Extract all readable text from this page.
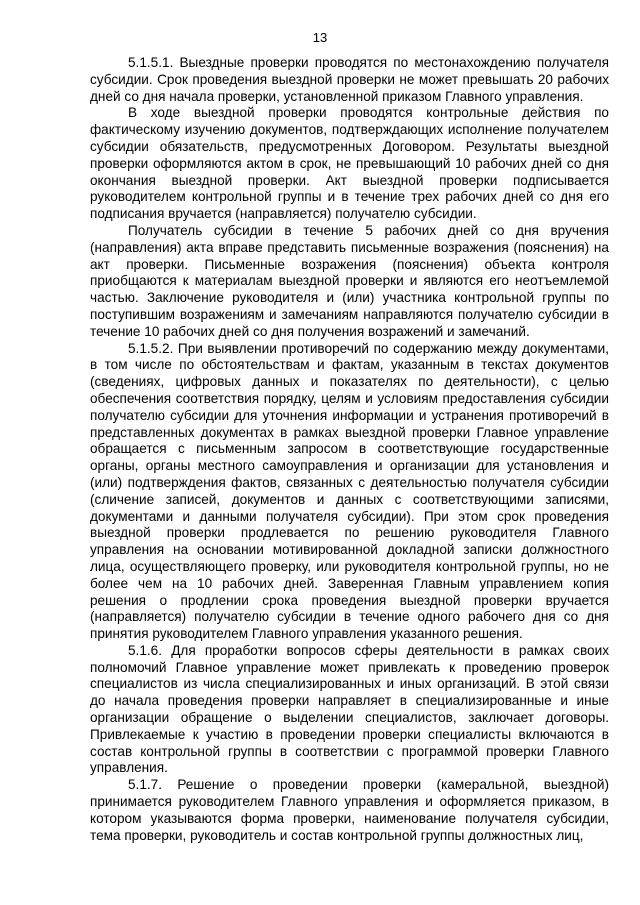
13

5.1.5.1. Выездные проверки проводятся по местонахождению получателя субсидии. Срок проведения выездной проверки не может превышать 20 рабочих дней со дня начала проверки, установленной приказом Главного управления.

В ходе выездной проверки проводятся контрольные действия по фактическому изучению документов, подтверждающих исполнение получателем субсидии обязательств, предусмотренных Договором. Результаты выездной проверки оформляются актом в срок, не превышающий 10 рабочих дней со дня окончания выездной проверки. Акт выездной проверки подписывается руководителем контрольной группы и в течение трех рабочих дней со дня его подписания вручается (направляется) получателю субсидии.

Получатель субсидии в течение 5 рабочих дней со дня вручения (направления) акта вправе представить письменные возражения (пояснения) на акт проверки. Письменные возражения (пояснения) объекта контроля приобщаются к материалам выездной проверки и являются его неотъемлемой частью. Заключение руководителя и (или) участника контрольной группы по поступившим возражениям и замечаниям направляются получателю субсидии в течение 10 рабочих дней со дня получения возражений и замечаний.

5.1.5.2. При выявлении противоречий по содержанию между документами, в том числе по обстоятельствам и фактам, указанным в текстах документов (сведениях, цифровых данных и показателях по деятельности), с целью обеспечения соответствия порядку, целям и условиям предоставления субсидии получателю субсидии для уточнения информации и устранения противоречий в представленных документах в рамках выездной проверки Главное управление обращается с письменным запросом в соответствующие государственные органы, органы местного самоуправления и организации для установления и (или) подтверждения фактов, связанных с деятельностью получателя субсидии (сличение записей, документов и данных с соответствующими записями, документами и данными получателя субсидии). При этом срок проведения выездной проверки продлевается по решению руководителя Главного управления на основании мотивированной докладной записки должностного лица, осуществляющего проверку, или руководителя контрольной группы, но не более чем на 10 рабочих дней. Заверенная Главным управлением копия решения о продлении срока проведения выездной проверки вручается (направляется) получателю субсидии в течение одного рабочего дня со дня принятия руководителем Главного управления указанного решения.

5.1.6. Для проработки вопросов сферы деятельности в рамках своих полномочий Главное управление может привлекать к проведению проверок специалистов из числа специализированных и иных организаций. В этой связи до начала проведения проверки направляет в специализированные и иные организации обращение о выделении специалистов, заключает договоры. Привлекаемые к участию в проведении проверки специалисты включаются в состав контрольной группы в соответствии с программой проверки Главного управления.

5.1.7. Решение о проведении проверки (камеральной, выездной) принимается руководителем Главного управления и оформляется приказом, в котором указываются форма проверки, наименование получателя субсидии, тема проверки, руководитель и состав контрольной группы должностных лиц,
